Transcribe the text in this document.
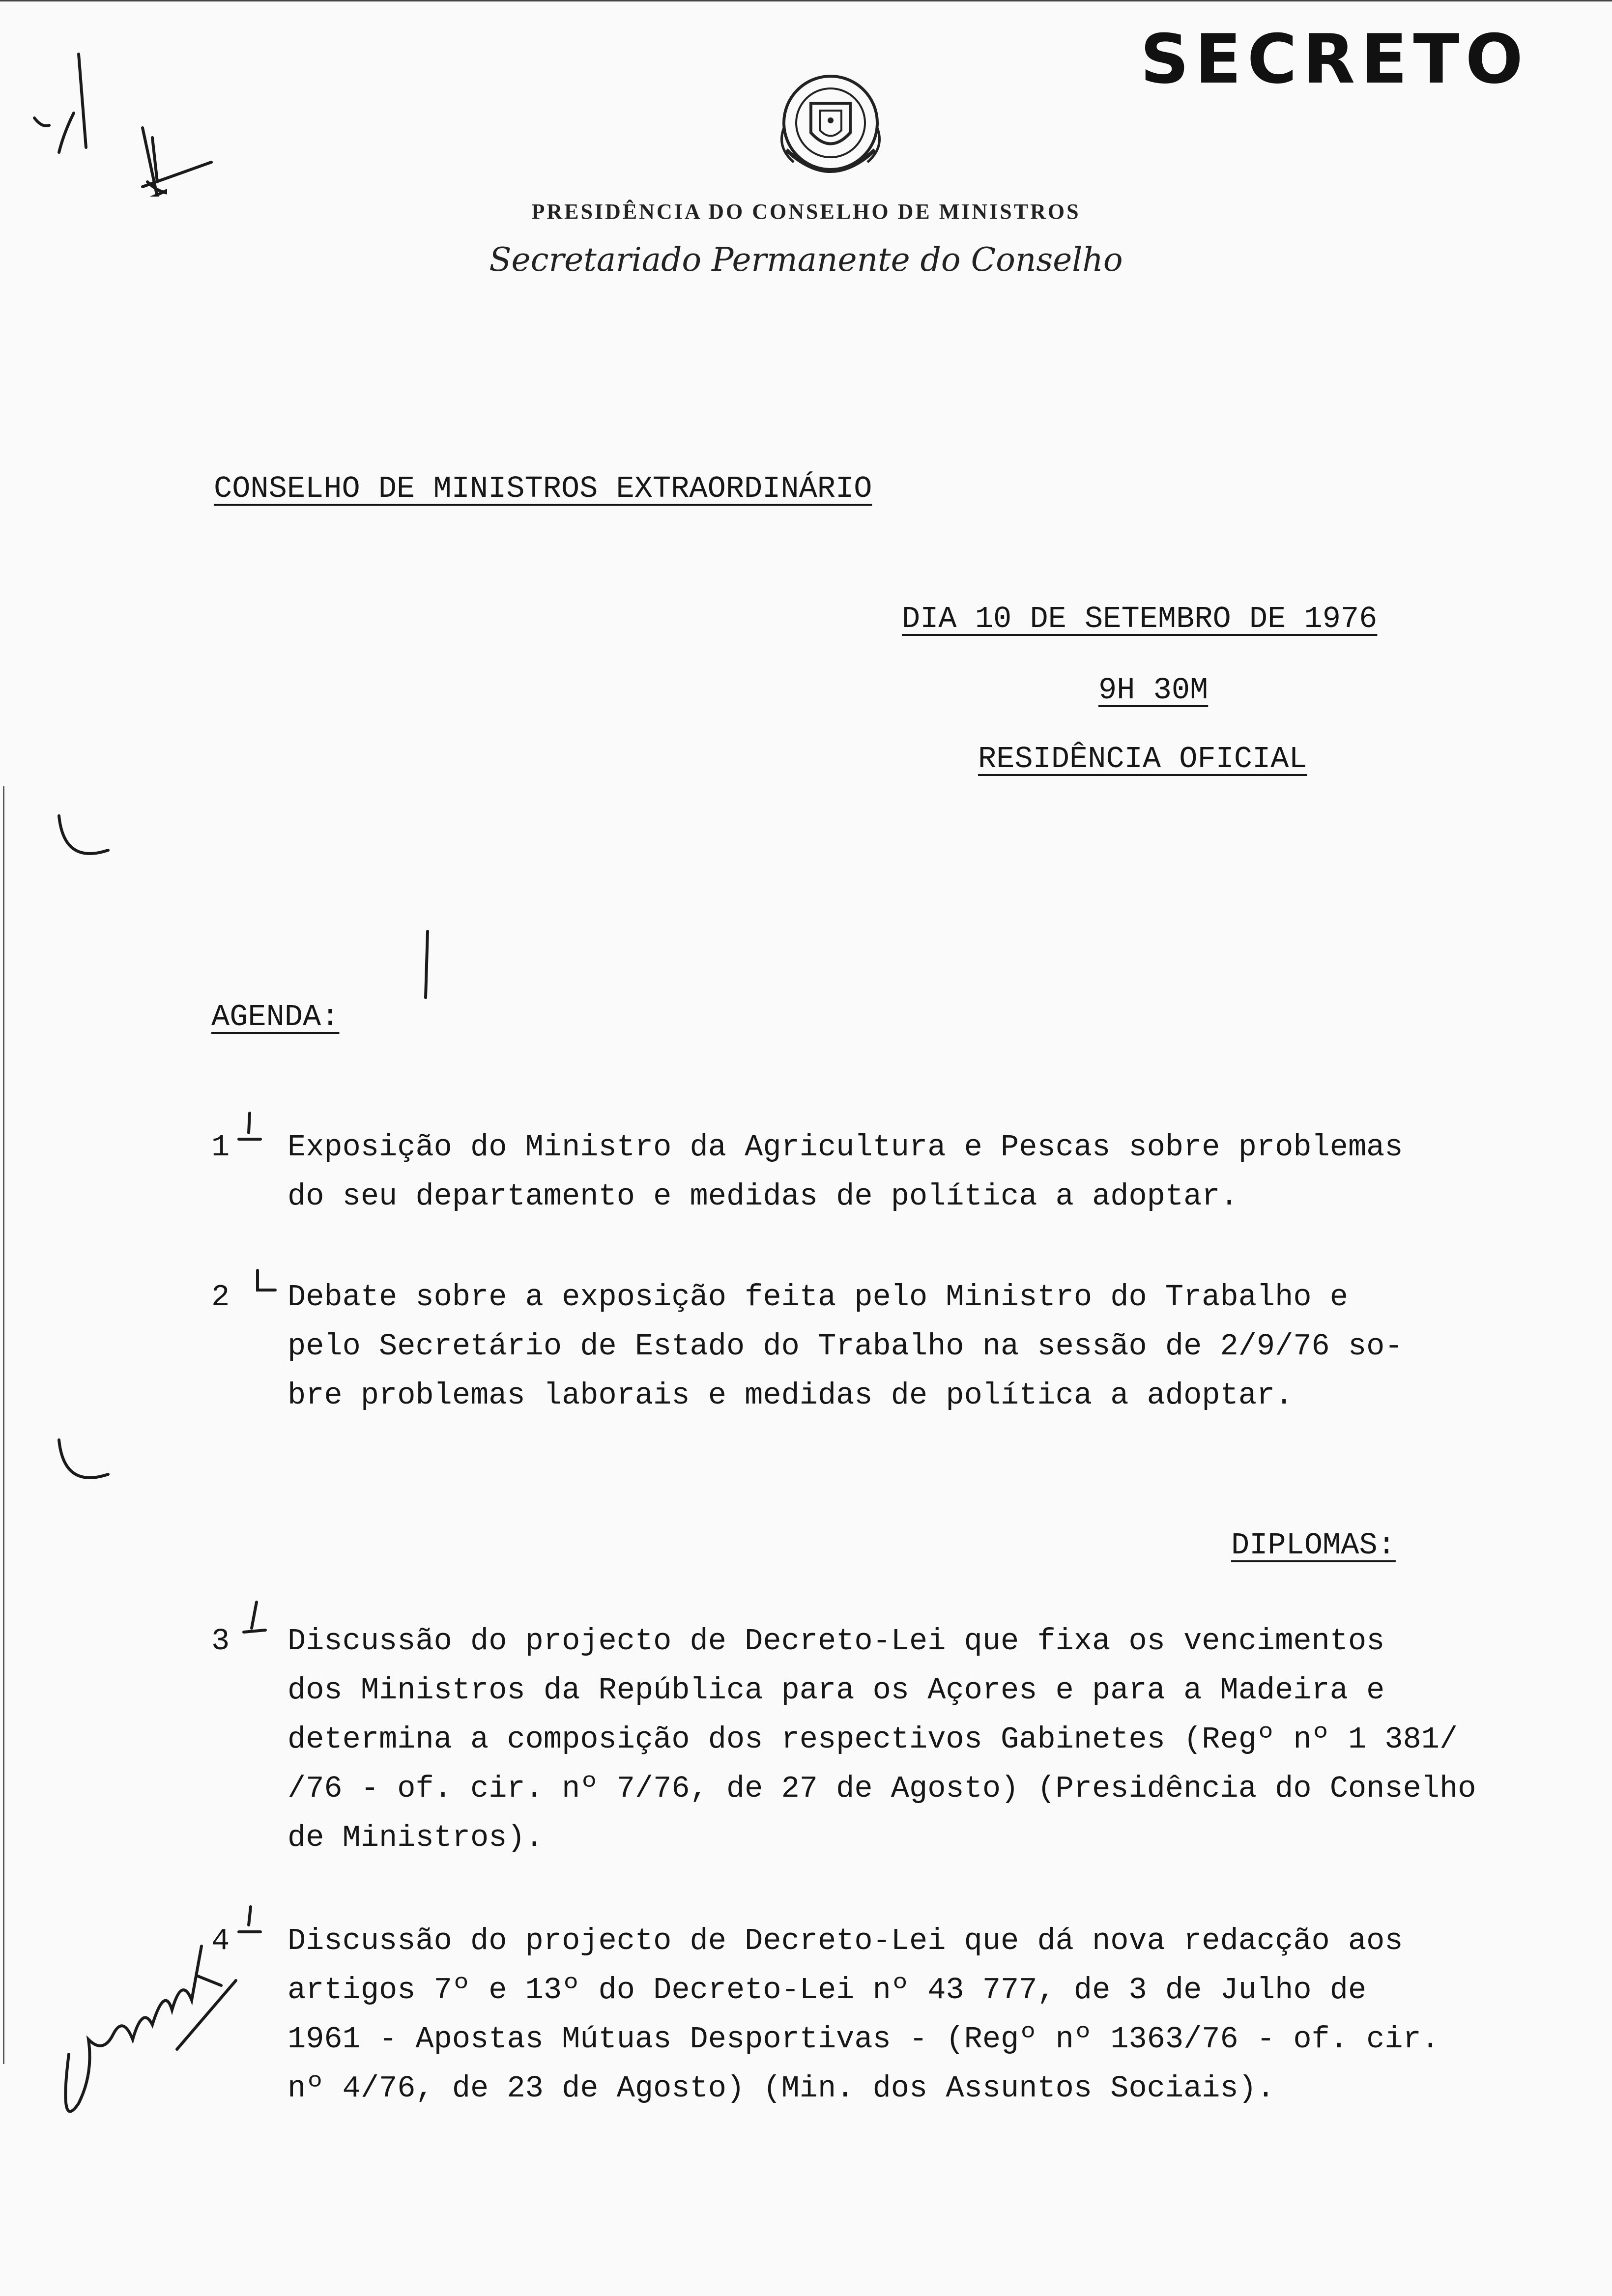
SECRETO
PRESIDÊNCIA DO CONSELHO DE MINISTROS
Secretariado Permanente do Conselho
CONSELHO DE MINISTROS EXTRAORDINÁRIO
DIA 10 DE SETEMBRO DE 1976
9H 30M
RESIDÊNCIA OFICIAL
AGENDA:
1 Exposição do Ministro da Agricultura e Pescas sobre problemas
do seu departamento e medidas de política a adoptar.
2 Debate sobre a exposição feita pelo Ministro do Trabalho e
pelo Secretário de Estado do Trabalho na sessão de 2/9/76 so-
bre problemas laborais e medidas de política a adoptar.
DIPLOMAS:
3 Discussão do projecto de Decreto-Lei que fixa os vencimentos
dos Ministros da República para os Açores e para a Madeira e
determina a composição dos respectivos Gabinetes (Regº nº 1 381/
/76 - of. cir. nº 7/76, de 27 de Agosto) (Presidência do Conselho
de Ministros).
4 Discussão do projecto de Decreto-Lei que dá nova redacção aos
artigos 7º e 13º do Decreto-Lei nº 43 777, de 3 de Julho de
1961 - Apostas Mútuas Desportivas - (Regº nº 1363/76 - of. cir.
nº 4/76, de 23 de Agosto) (Min. dos Assuntos Sociais).
